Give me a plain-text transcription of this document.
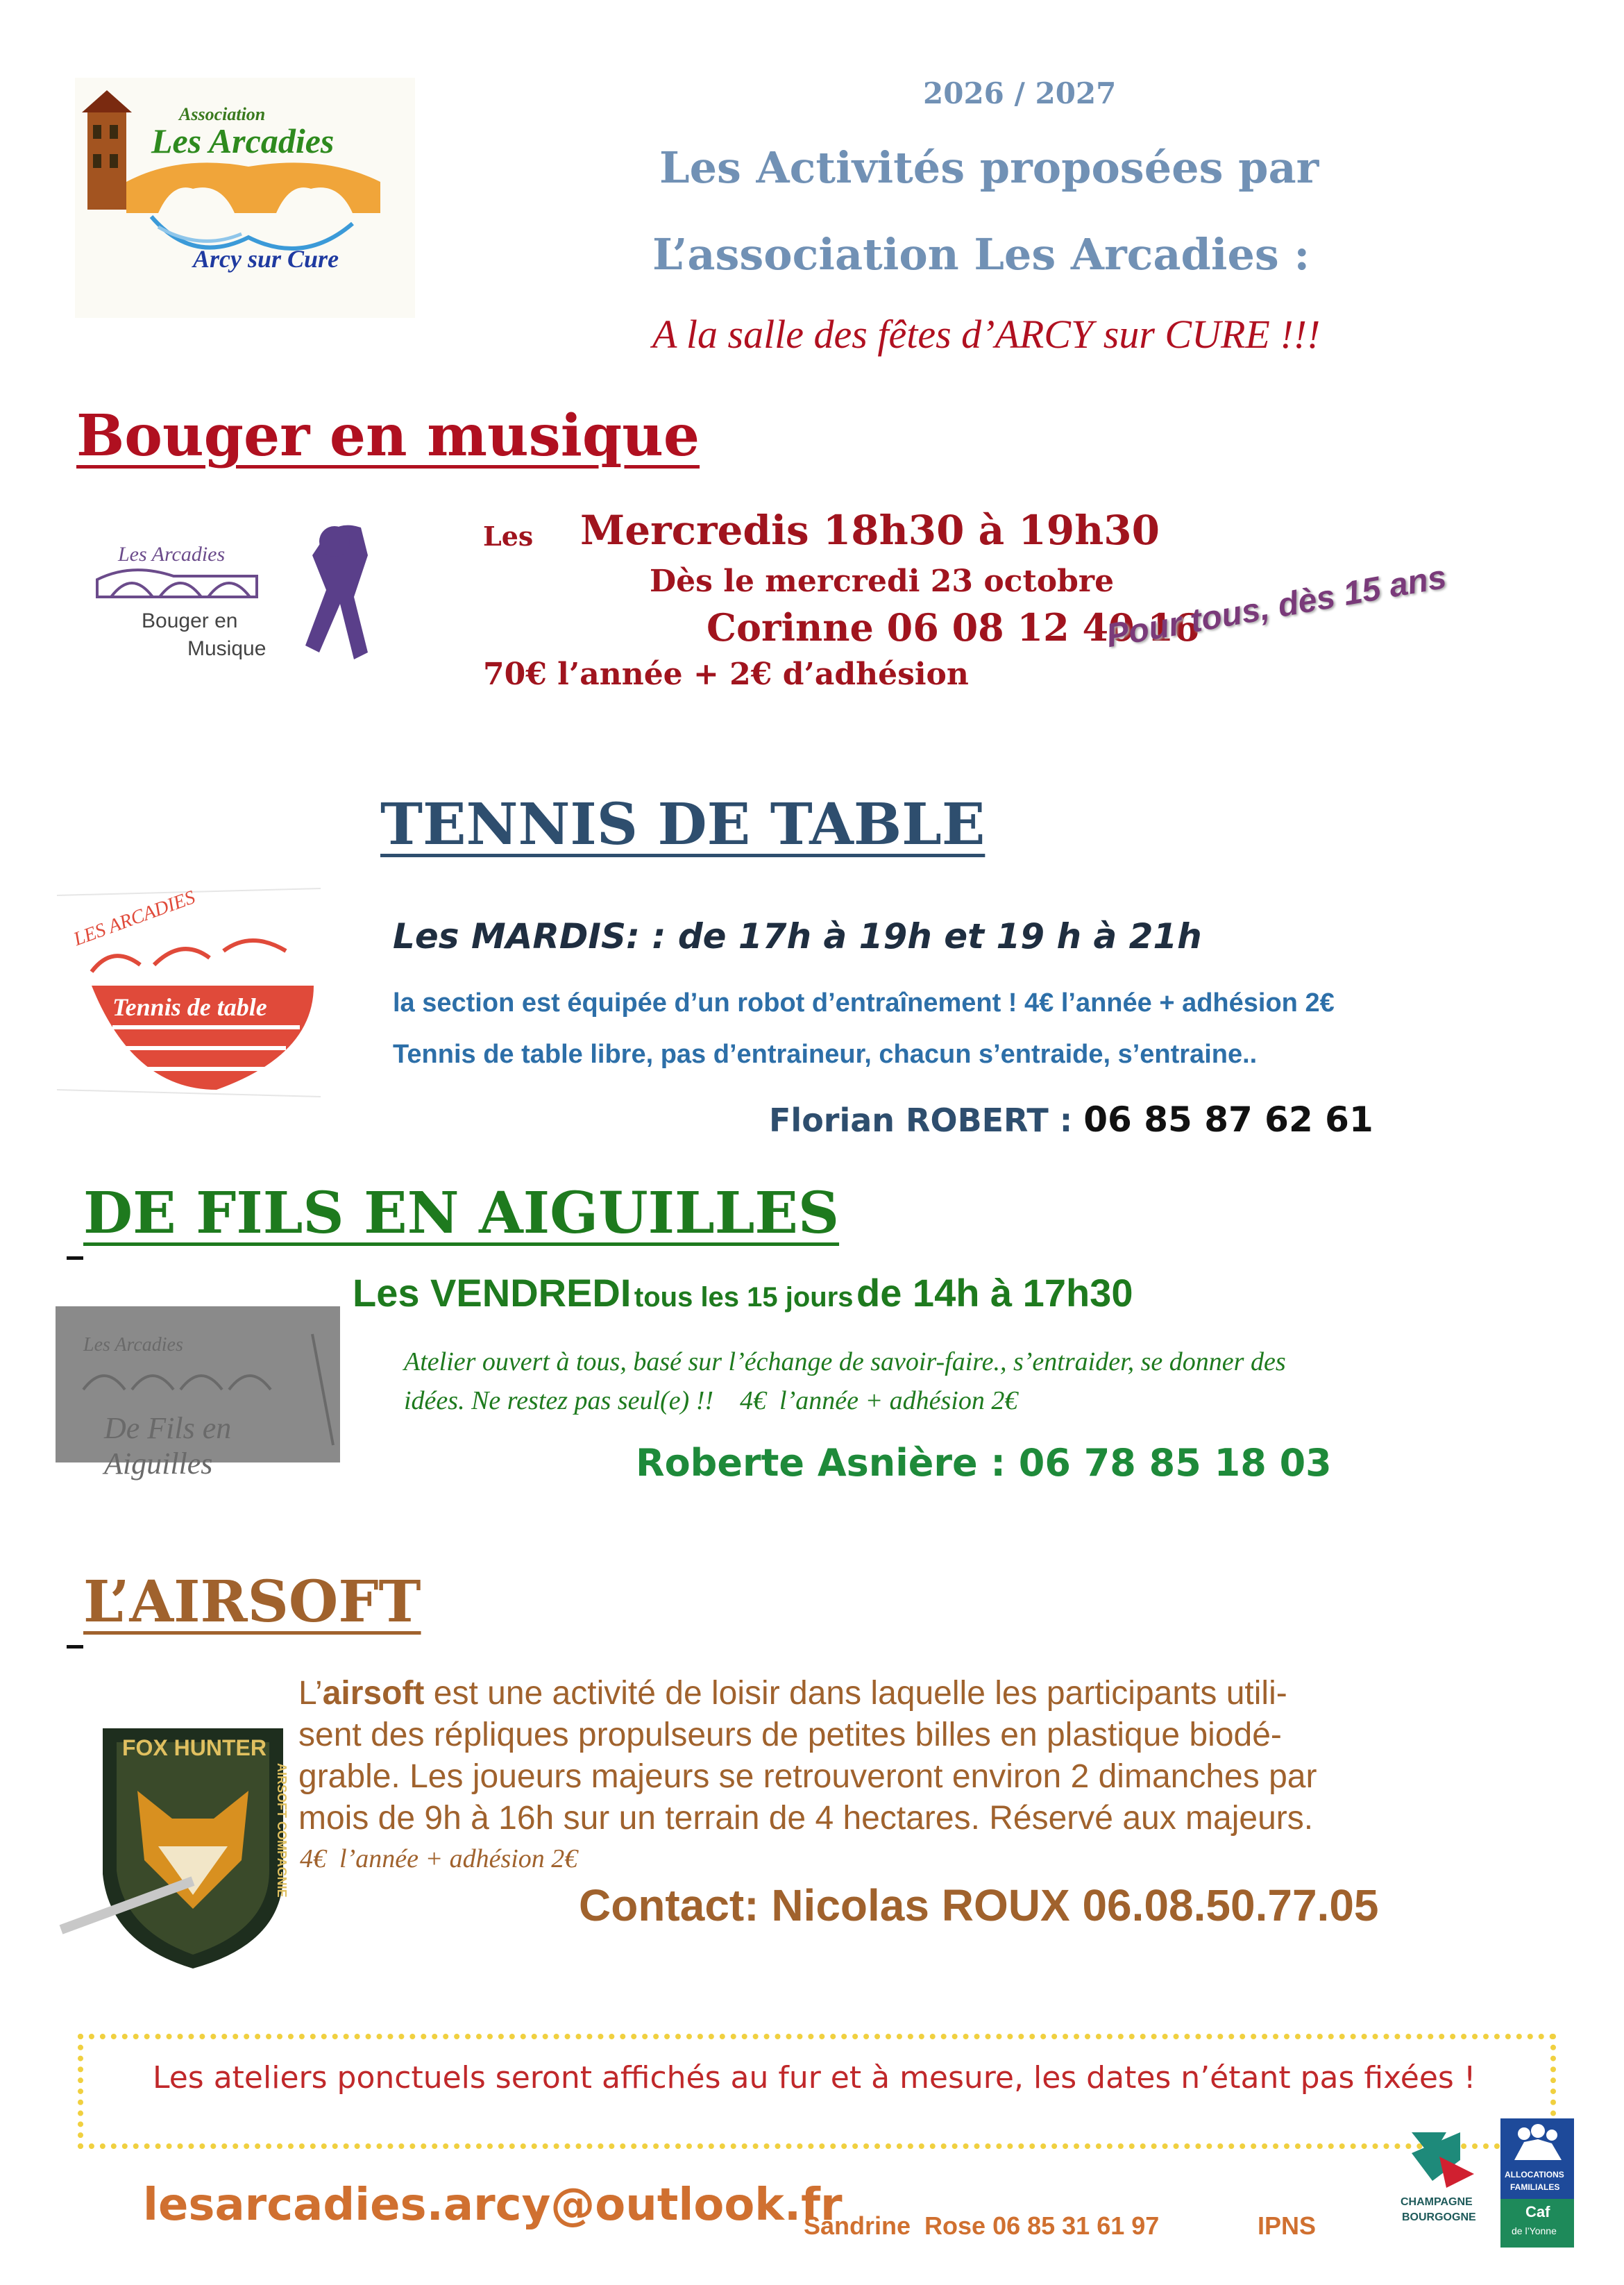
Association
Les Arcadies
Arcy sur Cure
2026 / 2027
Les Activités proposées par
L’association Les Arcadies :
A la salle des fêtes d’ARCY sur CURE !!!
Bouger en musique
Les Arcadies
Bouger en
Musique
Les Mercredis 18h30 à 19h30
Dès le mercredi 23 octobre
Corinne 06 08 12 40 16
70€ l’année + 2€ d’adhésion
Pour tous, dès 15 ans
TENNIS DE TABLE
LES ARCADIES
Tennis de table
Les MARDIS: : de 17h à 19h et 19 h à 21h
la section est équipée d’un robot d’entraînement ! 4€ l’année + adhésion 2€
Tennis de table libre, pas d’entraineur, chacun s’entraide, s’entraine..
Florian ROBERT : 06 85 87 62 61
DE FILS EN AIGUILLES
Les Arcadies
De Fils en Aiguilles
Les VENDREDI tous les 15 jours de 14h à 17h30
Atelier ouvert à tous, basé sur l’échange de savoir-faire., s’entraider, se donner des
idées. Ne restez pas seul(e) !!    4€  l’année + adhésion 2€
Roberte Asnière : 06 78 85 18 03
L’AIRSOFT
FOX HUNTER
AIRSOFT COMPAGNIE
L’airsoft est une activité de loisir dans laquelle les participants utili-
sent des répliques propulseurs de petites billes en plastique biodé-
grable. Les joueurs majeurs se retrouveront environ 2 dimanches par
mois de 9h à 16h sur un terrain de 4 hectares. Réservé aux majeurs.
4€  l’année + adhésion 2€
Contact: Nicolas ROUX 06.08.50.77.05
Les ateliers ponctuels seront affichés au fur et à mesure, les dates n’étant pas fixées !
lesarcadies.arcy@outlook.fr
Sandrine  Rose 06 85 31 61 97	IPNS
CHAMPAGNE
BOURGOGNE
ALLOCATIONS
FAMILIALES
Caf
de l’Yonne
